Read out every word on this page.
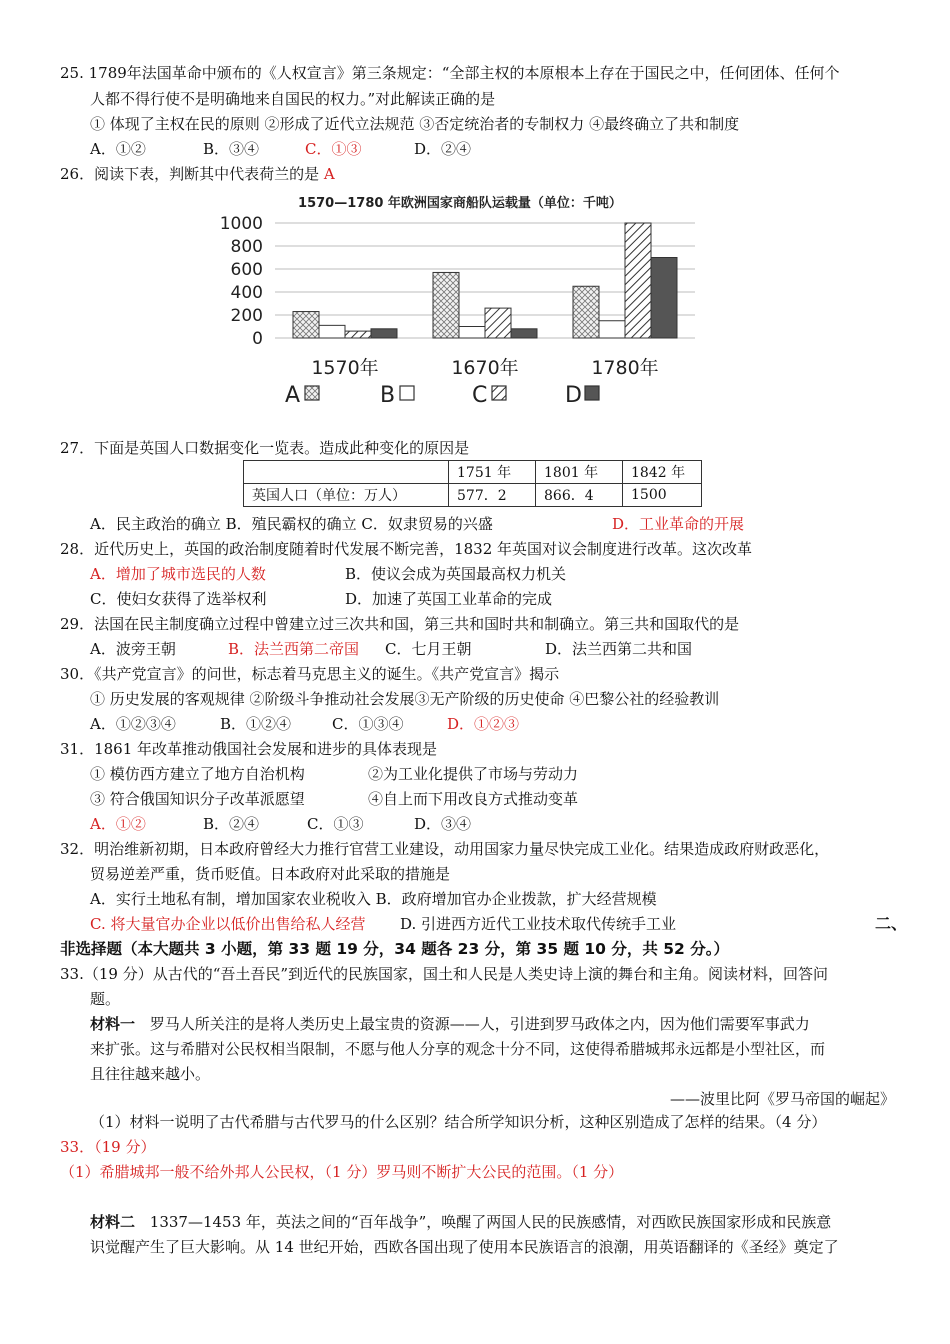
25. 1789年法国革命中颁布的《人权宣言》第三条规定：“全部主权的本原根本上存在于国民之中，任何团体、任何个
人都不得行使不是明确地来自国民的权力。”对此解读正确的是
① 体现了主权在民的原则 ②形成了近代立法规范 ③否定统治者的专制权力 ④最终确立了共和制度
A．①②	B．③④	C．①③	D．②④
26．阅读下表，判断其中代表荷兰的是 A
1570—1780 年欧洲国家商船队运载量（单位：千吨）
0
200
400
600
800
1000
1570年	1670年	1780年
A	B	C	D
27．下面是英国人口数据变化一览表。造成此种变化的原因是
	1751 年	1801 年	1842 年
英国人口（单位：万人）	577．2	866．4	1500
A．民主政治的确立 B．殖民霸权的确立 C．奴隶贸易的兴盛	D．工业革命的开展
28．近代历史上，英国的政治制度随着时代发展不断完善，1832 年英国对议会制度进行改革。这次改革
A．增加了城市选民的人数	B．使议会成为英国最高权力机关
C．使妇女获得了选举权利	D．加速了英国工业革命的完成
29．法国在民主制度确立过程中曾建立过三次共和国，第三共和国时共和制确立。第三共和国取代的是
A．波旁王朝	B．法兰西第二帝国 C．七月王朝	D．法兰西第二共和国
30．《共产党宣言》的问世，标志着马克思主义的诞生。《共产党宣言》揭示
① 历史发展的客观规律 ②阶级斗争推动社会发展③无产阶级的历史使命 ④巴黎公社的经验教训
A．①②③④	B．①②④	C．①③④	D．①②③
31．1861 年改革推动俄国社会发展和进步的具体表现是
① 模仿西方建立了地方自治机构	②为工业化提供了市场与劳动力
③ 符合俄国知识分子改革派愿望	④自上而下用改良方式推动变革
A．①②	B．②④	C．①③	D．③④
32．明治维新初期，日本政府曾经大力推行官营工业建设，动用国家力量尽快完成工业化。结果造成政府财政恶化，
贸易逆差严重，货币贬值。日本政府对此采取的措施是
A．实行土地私有制，增加国家农业税收入 B．政府增加官办企业拨款，扩大经营规模
C. 将大量官办企业以低价出售给私人经营 D. 引进西方近代工业技术取代传统手工业	二、
非选择题（本大题共 3 小题，第 33 题 19 分，34 题各 23 分，第 35 题 10 分，共 52 分。）
33.（19 分）从古代的“吾土吾民”到近代的民族国家，国土和人民是人类史诗上演的舞台和主角。阅读材料，回答问
题。
材料一 罗马人所关注的是将人类历史上最宝贵的资源——人，引进到罗马政体之内，因为他们需要军事武力
来扩张。这与希腊对公民权相当限制，不愿与他人分享的观念十分不同，这使得希腊城邦永远都是小型社区，而
且往往越来越小。
——波里比阿《罗马帝国的崛起》
（1）材料一说明了古代希腊与古代罗马的什么区别？结合所学知识分析，这种区别造成了怎样的结果。（4 分）
33．（19 分）
（1）希腊城邦一般不给外邦人公民权，（1 分）罗马则不断扩大公民的范围。（1 分）
材料二 1337—1453 年，英法之间的“百年战争”，唤醒了两国人民的民族感情，对西欧民族国家形成和民族意
识觉醒产生了巨大影响。从 14 世纪开始，西欧各国出现了使用本民族语言的浪潮，用英语翻译的《圣经》奠定了
